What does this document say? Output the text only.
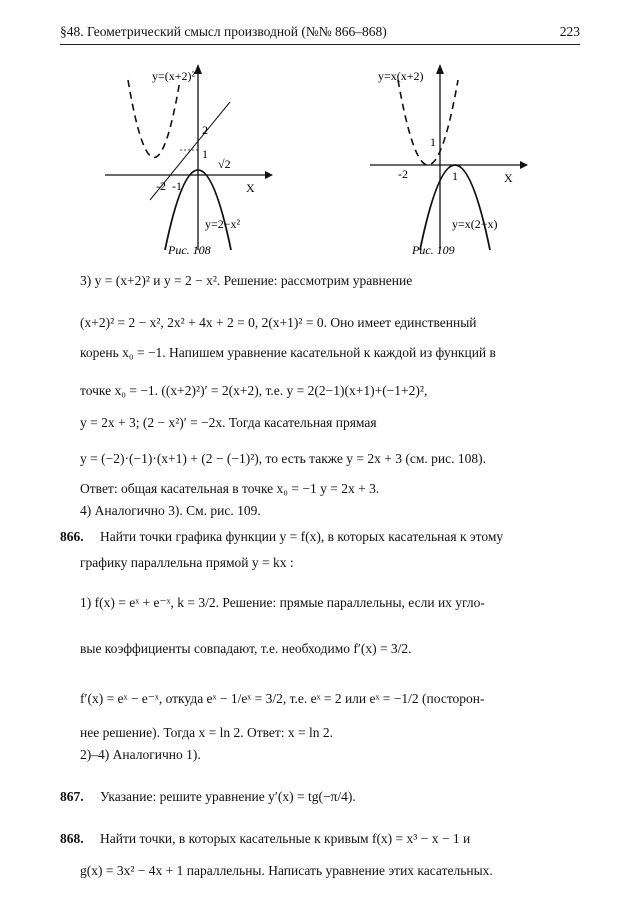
§48. Геометрический смысл производной (№№ 866–868)	223
y=(x+2)²
y=2−x²
X
-2 -1
1
2
√2
Рис. 108
y=x(x+2)
y=x(2−x)
X
-2
1
1
Рис. 109
3) y = (x+2)² и y = 2 − x². Решение: рассмотрим уравнение
(x+2)² = 2 − x², 2x² + 4x + 2 = 0, 2(x+1)² = 0. Оно имеет единственный
корень x₀ = −1. Напишем уравнение касательной к каждой из функций в
точке x₀ = −1. ((x+2)²)′ = 2(x+2), т.е. y = 2(2−1)(x+1)+(−1+2)²,
y = 2x + 3; (2 − x²)′ = −2x. Тогда касательная прямая
y = (−2)·(−1)·(x+1) + (2 − (−1)²), то есть также y = 2x + 3 (см. рис. 108).
Ответ: общая касательная в точке x₀ = −1 y = 2x + 3.
4) Аналогично 3). См. рис. 109.
866. Найти точки графика функции y = f(x), в которых касательная к этому
графику параллельна прямой y = kx :
1) f(x) = eˣ + e⁻ˣ, k = 3/2. Решение: прямые параллельны, если их угло-
вые коэффициенты совпадают, т.е. необходимо f′(x) = 3/2.
f′(x) = eˣ − e⁻ˣ, откуда eˣ − 1/eˣ = 3/2, т.е. eˣ = 2 или eˣ = −1/2 (посторон-
нее решение). Тогда x = ln 2. Ответ: x = ln 2.
2)–4) Аналогично 1).
867. Указание: решите уравнение y′(x) = tg(−π/4).
868. Найти точки, в которых касательные к кривым f(x) = x³ − x − 1 и
g(x) = 3x² − 4x + 1 параллельны. Написать уравнение этих касательных.
